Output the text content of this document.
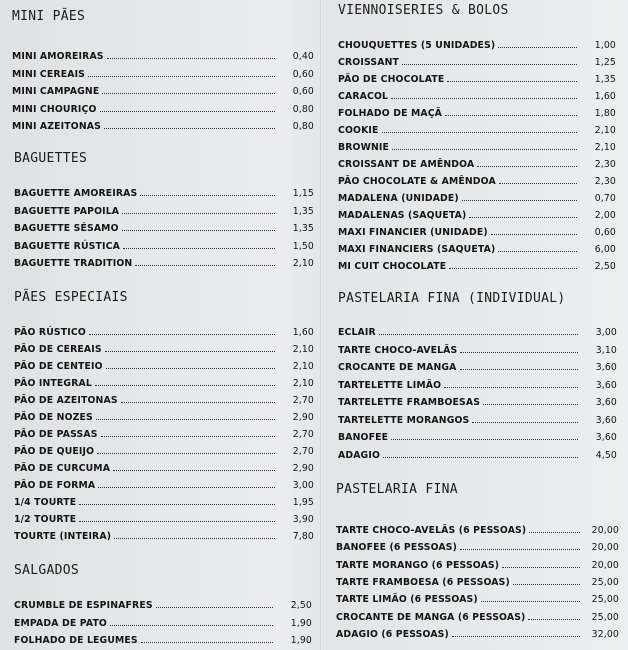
MINI PÃES
MINI AMOREIRAS	0,40
MINI CEREAIS	0,60
MINI CAMPAGNE	0,60
MINI CHOURIÇO	0,80
MINI AZEITONAS	0,80
BAGUETTES
BAGUETTE AMOREIRAS	1,15
BAGUETTE PAPOILA	1,35
BAGUETTE SÉSAMO	1,35
BAGUETTE RÚSTICA	1,50
BAGUETTE TRADITION	2,10
PÃES ESPECIAIS
PÃO RÚSTICO	1,60
PÃO DE CEREAIS	2,10
PÃO DE CENTEIO	2,10
PÃO INTEGRAL	2,10
PÃO DE AZEITONAS	2,70
PÃO DE NOZES	2,90
PÃO DE PASSAS	2,70
PÃO DE QUEIJO	2,70
PÃO DE CURCUMA	2,90
PÃO DE FORMA	3,00
1/4 TOURTE	1,95
1/2 TOURTE	3,90
TOURTE (INTEIRA)	7,80
SALGADOS
CRUMBLE DE ESPINAFRES	2,50
EMPADA DE PATO	1,90
FOLHADO DE LEGUMES	1,90
VIENNOISERIES & BOLOS
CHOUQUETTES (5 UNIDADES)	1,00
CROISSANT	1,25
PÃO DE CHOCOLATE	1,35
CARACOL	1,60
FOLHADO DE MAÇÃ	1,80
COOKIE	2,10
BROWNIE	2,10
CROISSANT DE AMÊNDOA	2,30
PÃO CHOCOLATE & AMÊNDOA	2,30
MADALENA (UNIDADE)	0,70
MADALENAS (SAQUETA)	2,00
MAXI FINANCIER (UNIDADE)	0,60
MAXI FINANCIERS (SAQUETA)	6,00
MI CUIT CHOCOLATE	2,50
PASTELARIA FINA (INDIVIDUAL)
ECLAIR	3,00
TARTE CHOCO-AVELÃS	3,10
CROCANTE DE MANGA	3,60
TARTELETTE LIMÃO	3,60
TARTELETTE FRAMBOESAS	3,60
TARTELETTE MORANGOS	3,60
BANOFEE	3,60
ADAGIO	4,50
PASTELARIA FINA
TARTE CHOCO-AVELÃS (6 PESSOAS)	20,00
BANOFEE (6 PESSOAS)	20,00
TARTE MORANGO (6 PESSOAS)	20,00
TARTE FRAMBOESA (6 PESSOAS)	25,00
TARTE LIMÃO (6 PESSOAS)	25,00
CROCANTE DE MANGA (6 PESSOAS)	25,00
ADAGIO (6 PESSOAS)	32,00
